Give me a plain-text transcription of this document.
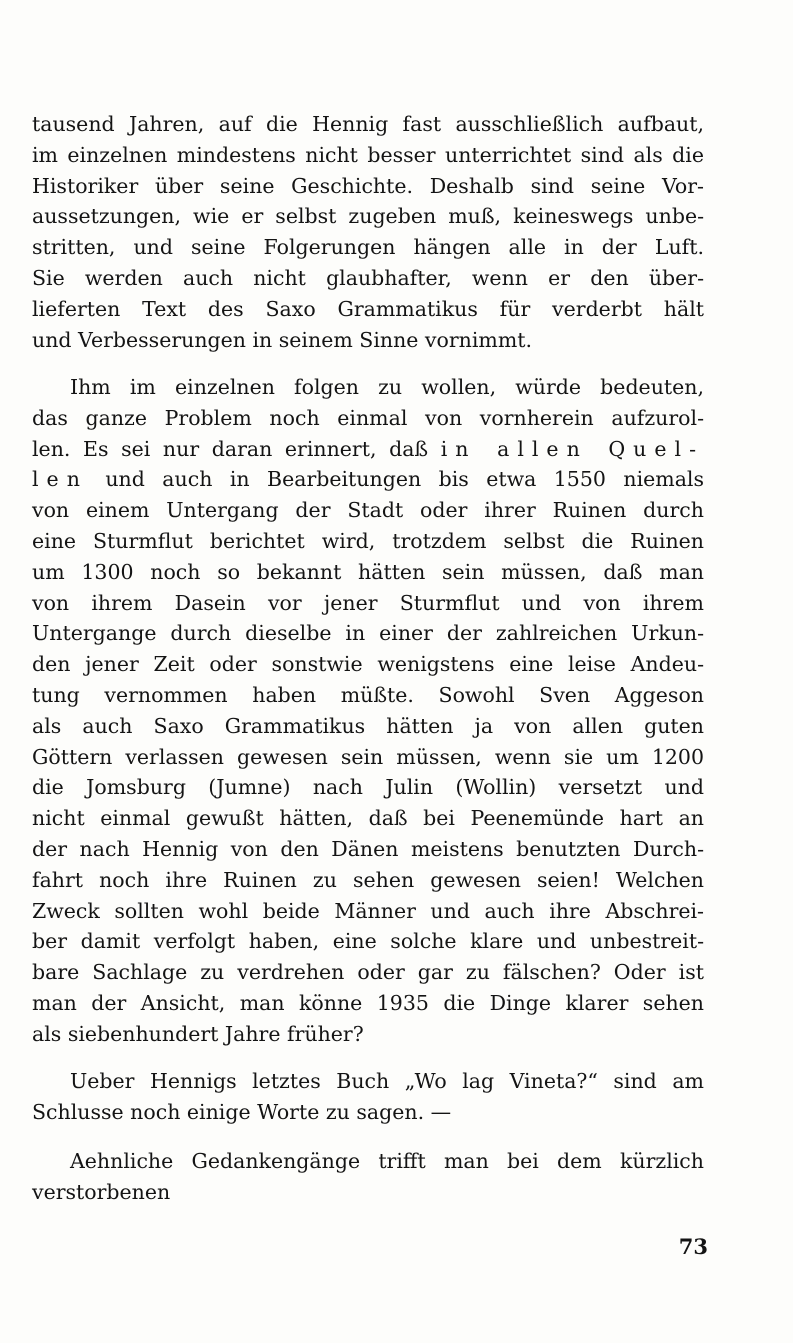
tausend Jahren, auf die Hennig fast ausschließlich aufbaut,
im einzelnen mindestens nicht besser unterrichtet sind als die
Historiker über seine Geschichte. Deshalb sind seine Vor-
aussetzungen, wie er selbst zugeben muß, keineswegs unbe-
stritten, und seine Folgerungen hängen alle in der Luft.
Sie werden auch nicht glaubhafter, wenn er den über-
lieferten Text des Saxo Grammatikus für verderbt hält
und Verbesserungen in seinem Sinne vornimmt.
Ihm im einzelnen folgen zu wollen, würde bedeuten,
das ganze Problem noch einmal von vornherein aufzurol-
len. Es sei nur daran erinnert, daß in allen Quel-
len und auch in Bearbeitungen bis etwa 1550 niemals
von einem Untergang der Stadt oder ihrer Ruinen durch
eine Sturmflut berichtet wird, trotzdem selbst die Ruinen
um 1300 noch so bekannt hätten sein müssen, daß man
von ihrem Dasein vor jener Sturmflut und von ihrem
Untergange durch dieselbe in einer der zahlreichen Urkun-
den jener Zeit oder sonstwie wenigstens eine leise Andeu-
tung vernommen haben müßte. Sowohl Sven Aggeson
als auch Saxo Grammatikus hätten ja von allen guten
Göttern verlassen gewesen sein müssen, wenn sie um 1200
die Jomsburg (Jumne) nach Julin (Wollin) versetzt und
nicht einmal gewußt hätten, daß bei Peenemünde hart an
der nach Hennig von den Dänen meistens benutzten Durch-
fahrt noch ihre Ruinen zu sehen gewesen seien! Welchen
Zweck sollten wohl beide Männer und auch ihre Abschrei-
ber damit verfolgt haben, eine solche klare und unbestreit-
bare Sachlage zu verdrehen oder gar zu fälschen? Oder ist
man der Ansicht, man könne 1935 die Dinge klarer sehen
als siebenhundert Jahre früher?
Ueber Hennigs letztes Buch „Wo lag Vineta?“ sind am
Schlusse noch einige Worte zu sagen. —
Aehnliche Gedankengänge trifft man bei dem kürzlich
verstorbenen
73
